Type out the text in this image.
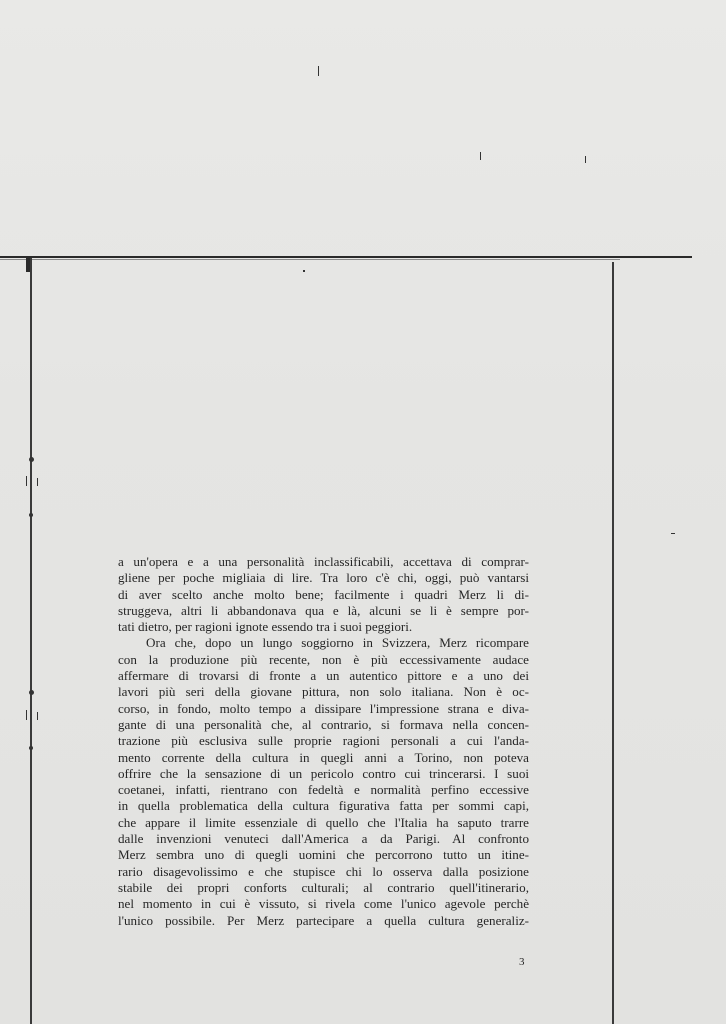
a un'opera e a una personalità inclassificabili, accettava di comprar-
gliene per poche migliaia di lire. Tra loro c'è chi, oggi, può vantarsi
di aver scelto anche molto bene; facilmente i quadri Merz li di-
struggeva, altri li abbandonava qua e là, alcuni se li è sempre por-
tati dietro, per ragioni ignote essendo tra i suoi peggiori.
Ora che, dopo un lungo soggiorno in Svizzera, Merz ricompare
con la produzione più recente, non è più eccessivamente audace
affermare di trovarsi di fronte a un autentico pittore e a uno dei
lavori più seri della giovane pittura, non solo italiana. Non è oc-
corso, in fondo, molto tempo a dissipare l'impressione strana e diva-
gante di una personalità che, al contrario, si formava nella concen-
trazione più esclusiva sulle proprie ragioni personali a cui l'anda-
mento corrente della cultura in quegli anni a Torino, non poteva
offrire che la sensazione di un pericolo contro cui trincerarsi. I suoi
coetanei, infatti, rientrano con fedeltà e normalità perfino eccessive
in quella problematica della cultura figurativa fatta per sommi capi,
che appare il limite essenziale di quello che l'Italia ha saputo trarre
dalle invenzioni venuteci dall'America a da Parigi. Al confronto
Merz sembra uno di quegli uomini che percorrono tutto un itine-
rario disagevolissimo e che stupisce chi lo osserva dalla posizione
stabile dei propri conforts culturali; al contrario quell'itinerario,
nel momento in cui è vissuto, si rivela come l'unico agevole perchè
l'unico possibile. Per Merz partecipare a quella cultura generaliz-
3
